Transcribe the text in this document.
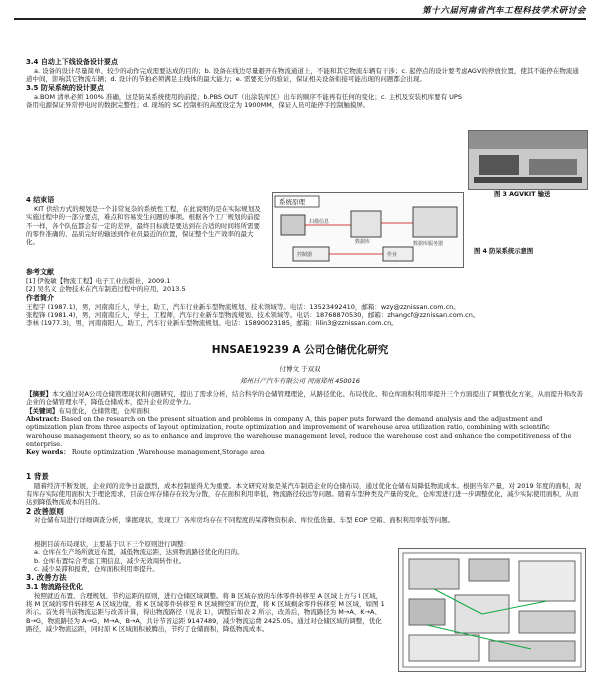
第十六届河南省汽车工程科技学术研讨会

3.4 自动上下线设备设计要点

a. 设备的设计尽量简单、较少的动作完成需要达成的目的；b. 设备在线边尽量避开在物流通道上，不能和其它物流车辆有干涉；c. 起停点的设计要考虑AGV的停放位置，使其不能停在物流通道中间，影响其它物流车辆；d. 设计的节拍必须满足主线体的最大能力；e. 需要充分的验证，保证相关设备衔接可能出现的问题都会出现。

3.5 防呆系统的设计要点

a.BOM 清单必须 100% 准确，这是防呆系统使用的前提；b.PBS OUT（出涂装库区）出车的顺序不能再有任何的变化；c. 主机及安装机库要有 UPS 备用电源保证异常停电时的数据完整性；d. 现场的 SC 控制柜的高度设定为 1900MM，保证人员可能停手控制触摸屏。

图 3 AGVKIT 输送

4 结束语

KIT 供给方式的规划是一个非常复杂的系统性工程，在此说明的是在实际规划及实施过程中的一部分要点，难点和容易发生问题的事项。根据各个工厂规划的前提不一样，各个队伍都会有一定的差异，最终目标就是要达到在合适的时间将所需要的零件准确的、品质完好的输送到作业员最近的位置，保证整个生产效率的最大化。

系统原理
扫描信息
数据库	数据库服务器
控制器	作业	图 4 防呆系统示意图

参考文献

[1] 伊俊敏【物流工程】电子工业出版社，2009.1

[2] 吴名义 企物技术在汽车制造过程中的应用，2013.5

作者简介

王程宇 (1987.1)，男，河南南丘人，学士，助工，汽车行业新车型物流规划、技术领域等。电话：13523492410，邮箱：wzy@zznissan.com.cn。

张程锋 (1981.4)，男，河南南丘人，学士，工程师，汽车行业新车型物流规划、技术领域等。电话：18768870530，邮箱：zhangcf@zznissan.com.cn。

李林 (1977.3)，男，河南南阳人，助工，汽车行业新车型物流规划。电话：15890023185，邮箱：lilin3@zznissan.com.cn。

HNSAE19239 A 公司仓储优化研究
付博文 于双双
郑州日产汽车有限公司 河南郑州 450016

【摘要】本文通过对A公司仓储管理现状和问题研究，提出了需求分析，结合科学的仓储管理理论，从路径优化、布局优化、和仓库面积利用率提升三个方面提出了调整优化方案，从而提升和改善企业的仓储管理水平，降低仓储成本，提升企业的竞争力。

【关键词】布局优化，仓储管理，仓库面积

Abstract: Based on the research on the present situation and problems in company A, this paper puts forward the demand analysis and the adjustment and optimization plan from three aspects of layout optimization, route optimization and improvement of warehouse area utilization ratio, combining with scientific warehouse management theory, so as to enhance and improve the warehouse management level, reduce the warehouse cost and enhance the competitiveness of the enterprise.

Key words： Route optimization ,Warehouse management,Storage area

1 背景

随着经济不断发展，企业间的竞争日益激烈，成本控制显得尤为重要。本文研究对象是某汽车制造企业的仓储布局，通过优化仓储布局降低物流成本。根据当年产量，对 2019 年度的面积，现有库存实际使用面积大于理论需求，目前仓库存储存在较为分散，存在面积利用率低，物流路径较远等问题。随着车型种类及产量的变化，仓库需进行进一步调整优化，减少实际使用面积，从而达到降低物流成本的目的。

2 改善原则

对仓储布局进行详细调查分析，掌握现状，发现工厂各库房均存在不同程度的呆滞物资积余、库位低货量、车型 EOP 空箱、面积利用率低等问题。

根据目前布局现状，主要基于以下三个原则进行调整：

a. 仓库在生产场所就近布置，减低物流运距，达到物流路径优化的目的。

b. 仓库布置综合考虑工期信息，减少无效周转作业。

c. 减少呆滞和报费，仓库面积利用率提升。

3. 改善方法

3.1 物流路径优化

按照就近布置、合理规划、节约运距的原则，进行仓储区域调整。将 B 区域存放的车体零件转移至 A 区域上方与 I 区域，将 M 区域的零件转移至 A 区域边缘，将 K 区域零件转移至 R 区域侧空旷的位置，将 K 区域剩余零件转移至 M 区域，如图 1 所示。首先将当前物流运距与改善计算，得出物流路径（见表 1），调整后如表 2 所示，改善后，物流路径为 M→A、K→A、B→G，物流路径为 A→G、M→A、B→A，共计节省运距 9147489，减少物流运费 2425.05。通过对仓储区域的调整，优化路径，减少物流运距，同时原 K 区域面积被腾出，节约了仓储面积，降低物流成本。
